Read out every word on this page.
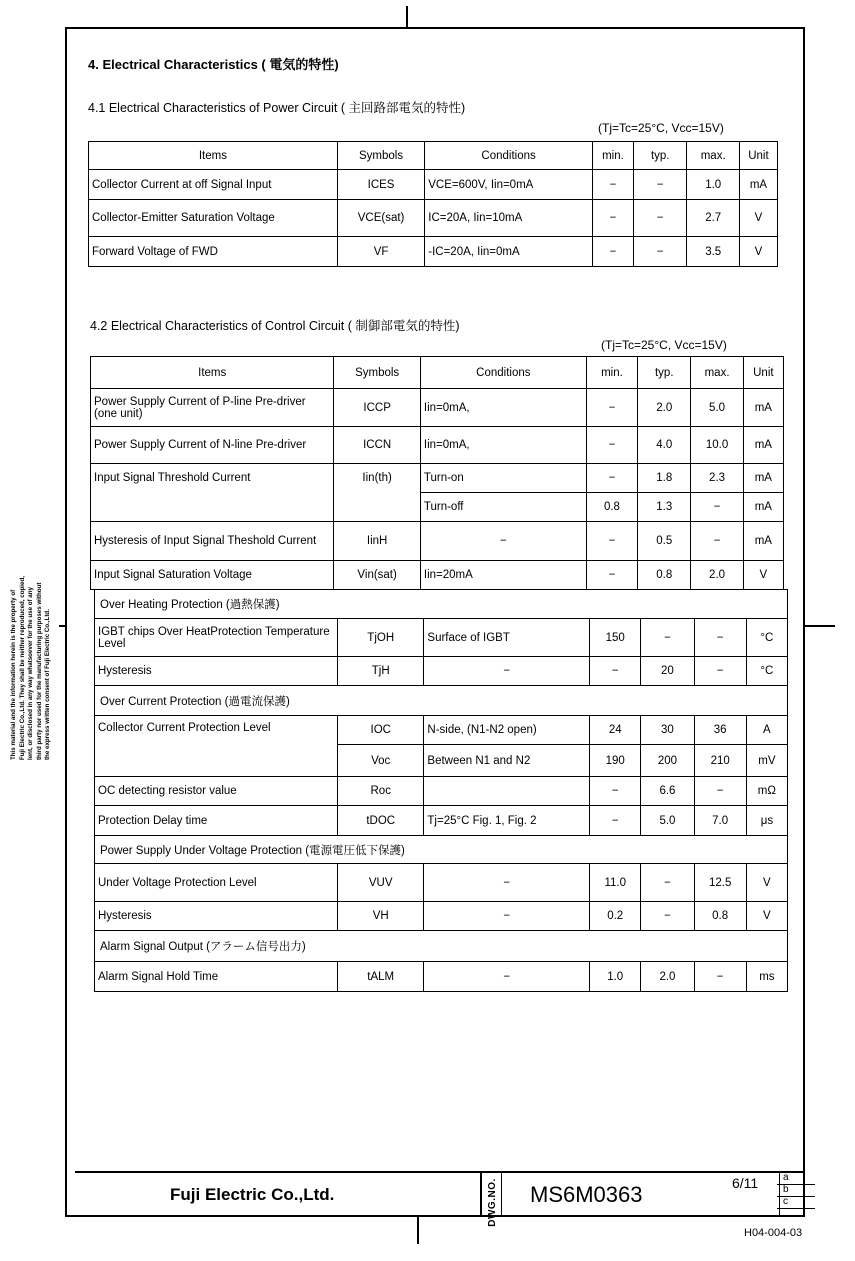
This material and the information herein is the property of Fuji Electric Co.,Ltd. They shall be neither reproduced, copied, lent, or disclosed in any way whatsoever for the use of any third party nor used for the manufacturing purposes without the express written consent of Fuji Electric Co.,Ltd.
4. Electrical Characteristics ( 電気的特性)
4.1 Electrical Characteristics of Power Circuit ( 主回路部電気的特性)
(Tj=Tc=25°C, Vcc=15V)
Items	Symbols	Conditions	min.	typ.	max.	Unit
Collector Current at off Signal Input	ICES	VCE=600V, Iin=0mA	−	−	1.0	mA
Collector-Emitter Saturation Voltage	VCE(sat)	IC=20A, Iin=10mA	−	−	2.7	V
Forward Voltage of FWD	VF	-IC=20A, Iin=0mA	−	−	3.5	V
4.2 Electrical Characteristics of Control Circuit ( 制御部電気的特性)
(Tj=Tc=25°C, Vcc=15V)
Items	Symbols	Conditions	min.	typ.	max.	Unit
Power Supply Current of P-line Pre-driver (one unit)	ICCP	Iin=0mA,	−	2.0	5.0	mA
Power Supply Current of N-line Pre-driver	ICCN	Iin=0mA,	−	4.0	10.0	mA
Input Signal Threshold Current	Iin(th)	Turn-on	−	1.8	2.3	mA
		Turn-off	0.8	1.3	−	mA
Hysteresis of Input Signal Theshold Current	IinH	−	−	0.5	−	mA
Input Signal Saturation Voltage	Vin(sat)	Iin=20mA	−	0.8	2.0	V
Over Heating Protection (過熱保護)						
IGBT chips Over HeatProtection Temperature Level	TjOH	Surface of IGBT	150	−	−	°C
Hysteresis	TjH	−	−	20	−	°C
Over Current Protection (過電流保護)						
Collector Current Protection Level	IOC	N-side, (N1-N2 open)	24	30	36	A
	Voc	Between N1 and N2	190	200	210	mV
OC detecting resistor value	Roc		−	6.6	−	mΩ
Protection Delay time	tDOC	Tj=25°C Fig. 1, Fig. 2	−	5.0	7.0	μs
Power Supply Under Voltage Protection (電源電圧低下保護)						
Under Voltage Protection Level	VUV	−	11.0	−	12.5	V
Hysteresis	VH	−	0.2	−	0.8	V
Alarm Signal Output (アラーム信号出力)						
Alarm Signal Hold Time	tALM	−	1.0	2.0	−	ms
Fuji Electric Co.,Ltd.	DWG.NO. MS6M0363	6/11 a
b
c
H04-004-03
